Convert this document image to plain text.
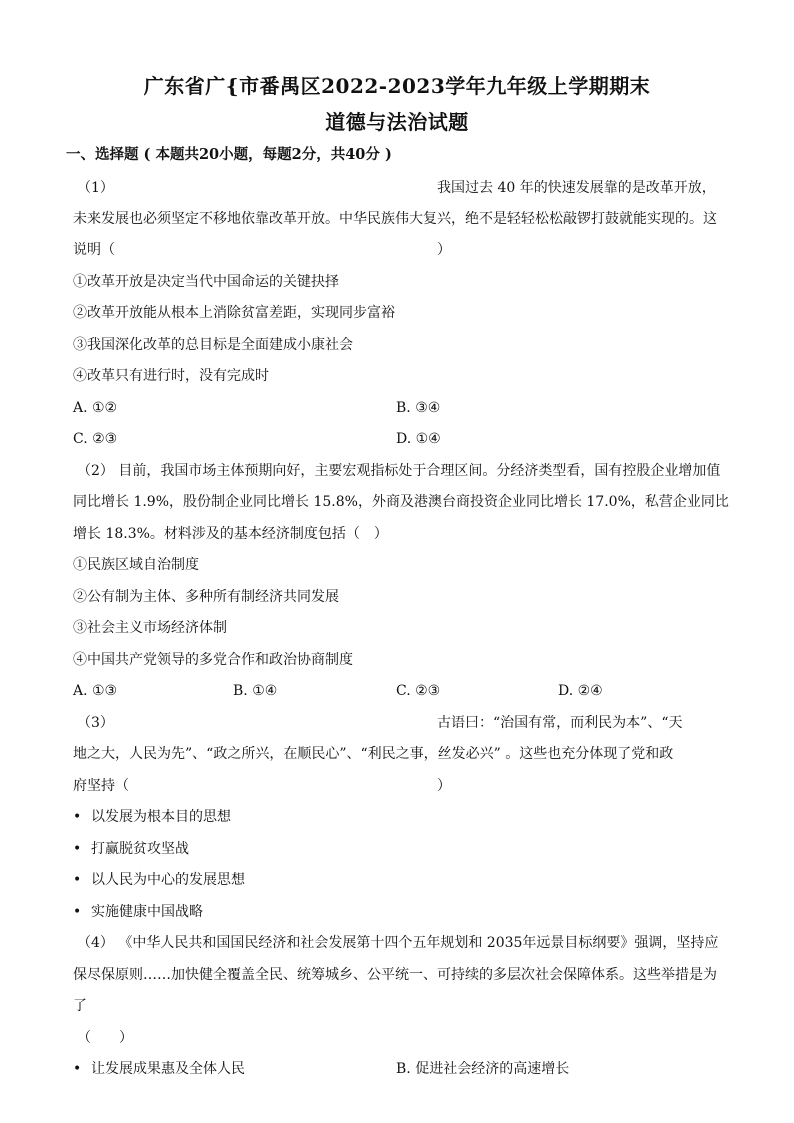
广东省广{市番禺区2022-2023学年九年级上学期期末
道德与法治试题
一、选择题 ( 本题共20小题，每题2分，共40分 )
（1）	我国过去 40 年的快速发展靠的是改革开放，
未来发展也必须坚定不移地依靠改革开放。中华民族伟大复兴，绝不是轻轻松松敲锣打鼓就能实现的。这
说明（	）
①改革开放是决定当代中国命运的关键抉择
②改革开放能从根本上消除贫富差距，实现同步富裕
③我国深化改革的总目标是全面建成小康社会
④改革只有进行时，没有完成时
A. ①②	B. ③④
C. ②③	D. ①④
（2） 目前，我国市场主体预期向好，主要宏观指标处于合理区间。分经济类型看，国有控股企业增加值
同比增长 1.9%，股份制企业同比增长 15.8%，外商及港澳台商投资企业同比增长 17.0%，私营企业同比
增长 18.3%。材料涉及的基本经济制度包括（　）
①民族区域自治制度
②公有制为主体、多种所有制经济共同发展
③社会主义市场经济体制
④中国共产党领导的多党合作和政治协商制度
A. ①③	B. ①④	C. ②③	D. ②④
（3）	古语曰：“治国有常，而利民为本”、“天
地之大，人民为先”、“政之所兴，在顺民心”、“利民之事，丝发必兴” 。这些也充分体现了党和政
府坚持（	）
• 以发展为根本目的思想
• 打赢脱贫攻坚战
• 以人民为中心的发展思想
• 实施健康中国战略
（4） 《中华人民共和国国民经济和社会发展第十四个五年规划和 2035年远景目标纲要》强调，坚持应
保尽保原则……加快健全覆盖全民、统筹城乡、公平统一、可持续的多层次社会保障体系。这些举措是为
了
（　　）
• 让发展成果惠及全体人民	B. 促进社会经济的高速增长
